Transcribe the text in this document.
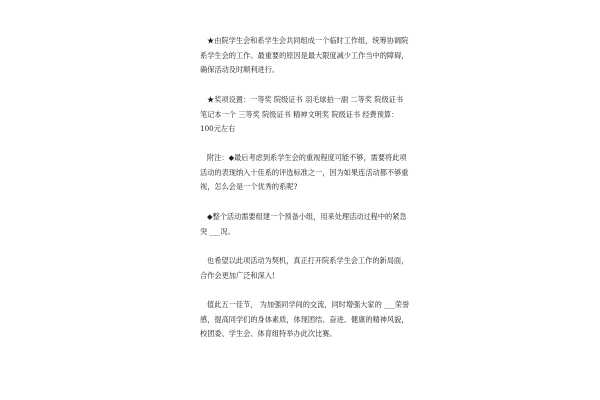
★由院学生会和系学生会共同组成一个临时工作组，统筹协调院
系学生会的工作。最重要的原因是最大限度减少工作当中的障碍，
确保活动及时顺利进行。
★奖项设置：一等奖 院级证书 羽毛球拍一副 二等奖 院级证书
笔记本一个 三等奖 院级证书 精神文明奖 院级证书 经费预算：
100元左右
附注：◆最后考虑到系学生会的重视程度可能不够，需要将此项
活动的表现纳入十佳系的评选标准之一，因为如果连活动都不够重
视，怎么会是一个优秀的系呢?
◆整个活动需要组建一个预备小组，用来处理活动过程中的紧急
突 ___况。
也希望以此项活动为契机，真正打开院系学生会工作的新局面，
合作会更加广泛和深入!
值此五一佳节， 为加强同学间的交流，同时增强大家的 ___荣誉
感，提高同学们的身体素质，体现团结、奋进、健康的精神风貌，
校团委、学生会、体育组特举办此次比赛。
